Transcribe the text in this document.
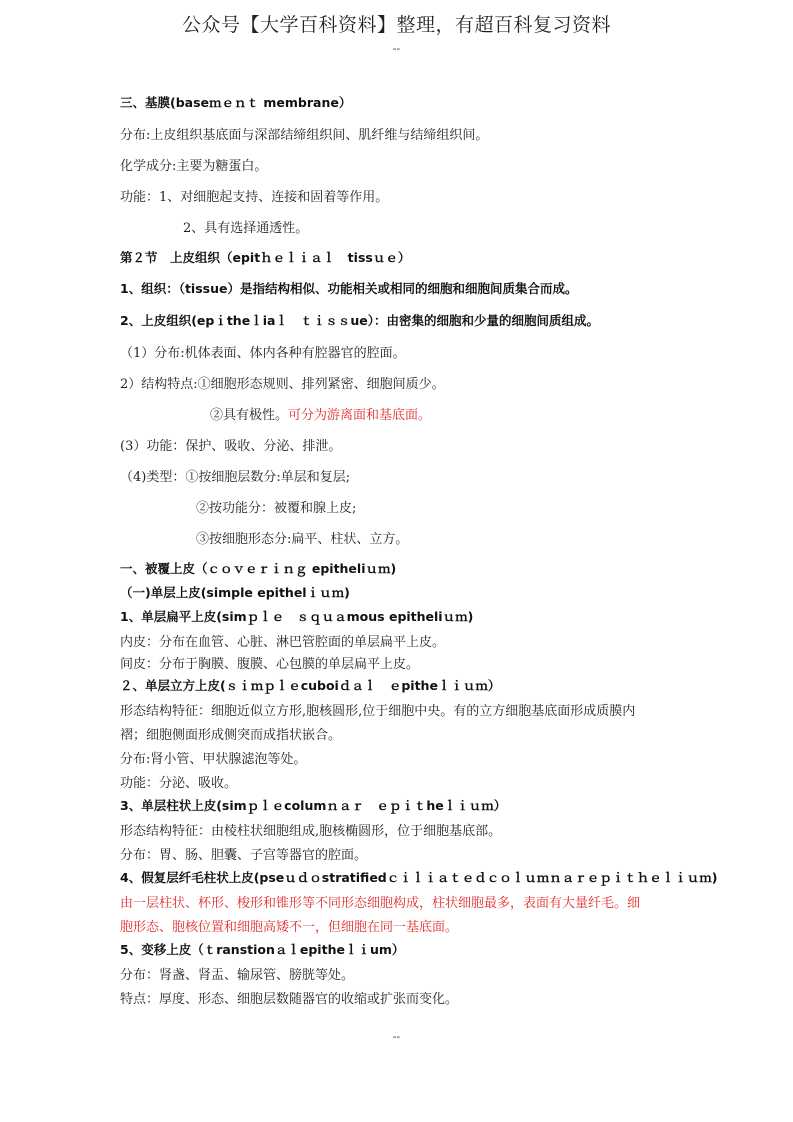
公众号【大学百科资料】整理，有超百科复习资料
--
三、基膜(baseｍｅｎｔ membrane）
分布:上皮组织基底面与深部结缔组织间、肌纤维与结缔组织间。
化学成分:主要为糖蛋白。
功能：1、对细胞起支持、连接和固着等作用。
2、具有选择通透性。
第２节　上皮组织（epitｈｅｌｉａｌ　tissｕｅ）
1、组织：（tissue）是指结构相似、功能相关或相同的细胞和细胞间质集合而成。
2、上皮组织(epｉtheｌiaｌ　ｔｉｓｓue）：由密集的细胞和少量的细胞间质组成。
（1）分布:机体表面、体内各种有腔器官的腔面。
2）结构特点:①细胞形态规则、排列紧密、细胞间质少。
②具有极性。可分为游离面和基底面。
(3）功能：保护、吸收、分泌、排泄。
（4)类型：①按细胞层数分:单层和复层;
②按功能分：被覆和腺上皮;
③按细胞形态分:扁平、柱状、立方。
一、被覆上皮（ｃｏｖｅｒｉｎｇ epitheliｕｍ)
（一)单层上皮(simple epithelｉｕｍ)
1、单层扁平上皮(simｐｌｅ　ｓｑｕａmous epitheliｕｍ)
内皮：分布在血管、心脏、淋巴管腔面的单层扁平上皮。
间皮：分布于胸膜、腹膜、心包膜的单层扁平上皮。
２、单层立方上皮(ｓｉｍｐｌｅcuboiｄａｌ　ｅpitheｌｉｕｍ）
形态结构特征：细胞近似立方形,胞核圆形,位于细胞中央。有的立方细胞基底面形成质膜内
褶；细胞侧面形成侧突而成指状嵌合。
分布:肾小管、甲状腺滤泡等处。
功能：分泌、吸收。
3、单层柱状上皮(simｐｌｅcolumｎａｒ　ｅｐｉｔheｌｉｕｍ）
形态结构特征：由棱柱状细胞组成,胞核椭圆形，位于细胞基底部。
分布：胃、肠、胆囊、子宫等器官的腔面。
4、假复层纤毛柱状上皮(pseｕｄｏstratifiedｃｉｌｉａｔｅｄｃｏｌｕｍｎａｒｅｐｉｔｈｅｌｉｕｍ)
由一层柱状、杯形、梭形和锥形等不同形态细胞构成，柱状细胞最多，表面有大量纤毛。细
胞形态、胞核位置和细胞高矮不一，但细胞在同一基底面。
5、变移上皮（ｔranstionａｌepitheｌｉum）
分布：肾盏、肾盂、输尿管、膀胱等处。
特点：厚度、形态、细胞层数随器官的收缩或扩张而变化。
--
